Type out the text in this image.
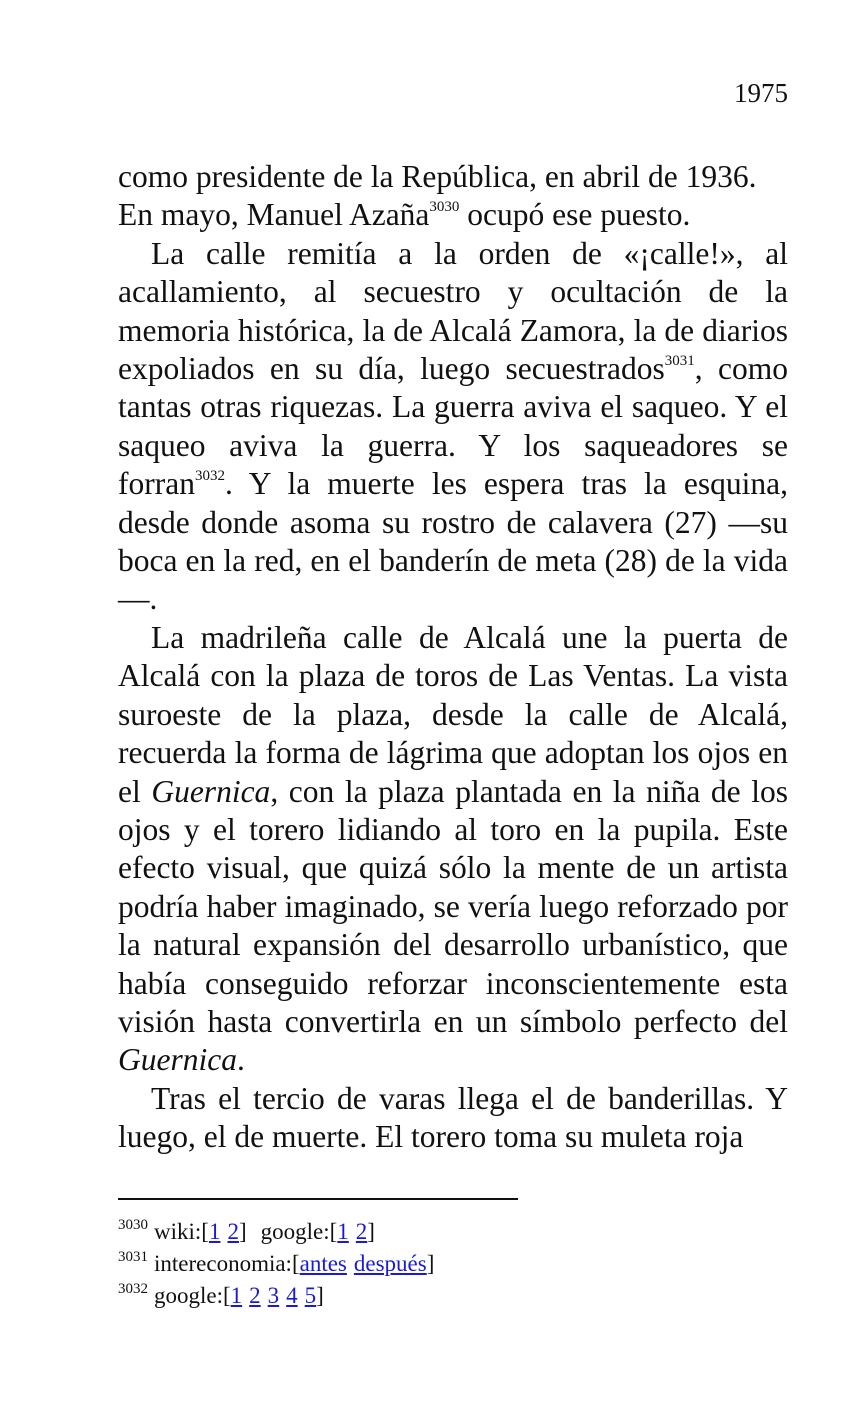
1975

como presidente de la República, en abril de 1936. En mayo, Manuel Azaña$^{3030}$ ocupó ese puesto.

La calle remitía a la orden de «¡calle!», al acallamiento, al secuestro y ocultación de la memoria histórica, la de Alcalá Zamora, la de diarios expoliados en su día, luego secuestrados$^{3031}$, como tantas otras riquezas. La guerra aviva el saqueo. Y el saqueo aviva la guerra. Y los saqueadores se forran$^{3032}$. Y la muerte les espera tras la esquina, desde donde asoma su rostro de calavera (27) —su boca en la red, en el banderín de meta (28) de la vida—.

La madrileña calle de Alcalá une la puerta de Alcalá con la plaza de toros de Las Ventas. La vista suroeste de la plaza, desde la calle de Alcalá, recuerda la forma de lágrima que adoptan los ojos en el Guernica, con la plaza plantada en la niña de los ojos y el torero lidiando al toro en la pupila. Este efecto visual, que quizá sólo la mente de un artista podría haber imaginado, se vería luego reforzado por la natural expansión del desarrollo urbanístico, que había conseguido reforzar inconscientemente esta visión hasta convertirla en un símbolo perfecto del Guernica.

Tras el tercio de varas llega el de banderillas. Y luego, el de muerte. El torero toma su muleta roja

$^{3030}$ wiki:[1 2] google:[1 2]
$^{3031}$ intereconomia:[antes después]
$^{3032}$ google:[1 2 3 4 5]
